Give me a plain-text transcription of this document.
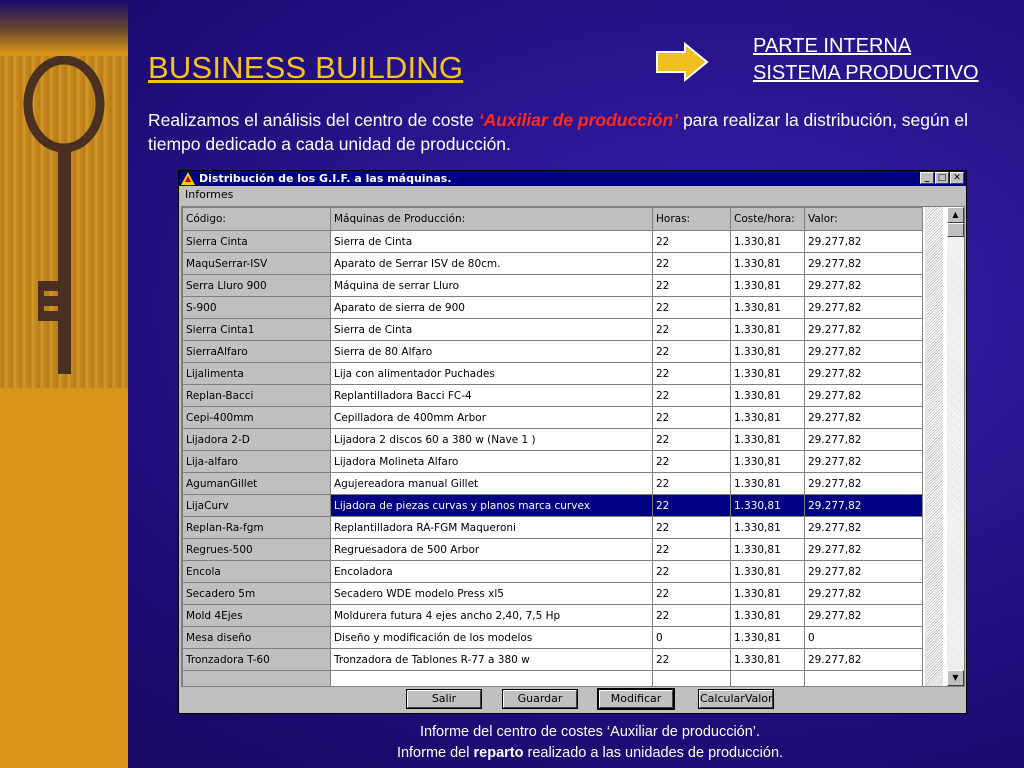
BUSINESS BUILDING
PARTE INTERNA
SISTEMA PRODUCTIVO
Realizamos el análisis del centro de coste ‘Auxiliar de producción’ para realizar la distribución, según el tiempo dedicado a cada unidad de producción.
Distribución de los G.I.F. a las máquinas.	_ □ ✕
Informes
Código:	Máquinas de Producción:	Horas:	Coste/hora:	Valor:
Sierra Cinta	Sierra de Cinta	22	1.330,81	29.277,82
MaquSerrar-ISV	Aparato de Serrar ISV de 80cm.	22	1.330,81	29.277,82
Serra Lluro 900	Máquina de serrar Lluro	22	1.330,81	29.277,82
S-900	Aparato de sierra de 900	22	1.330,81	29.277,82
Sierra Cinta1	Sierra de Cinta	22	1.330,81	29.277,82
SierraAlfaro	Sierra de 80 Alfaro	22	1.330,81	29.277,82
Lijalimenta	Lija con alimentador Puchades	22	1.330,81	29.277,82
Replan-Bacci	Replantilladora Bacci FC-4	22	1.330,81	29.277,82
Cepi-400mm	Cepilladora de 400mm Arbor	22	1.330,81	29.277,82
Lijadora 2-D	Lijadora 2 discos 60 a 380 w (Nave 1 )	22	1.330,81	29.277,82
Lija-alfaro	Lijadora Molineta Alfaro	22	1.330,81	29.277,82
AgumanGillet	Agujereadora manual Gillet	22	1.330,81	29.277,82
LijaCurv	Lijadora de piezas curvas y planos marca curvex	22	1.330,81	29.277,82
Replan-Ra-fgm	Replantilladora RA-FGM Maqueroni	22	1.330,81	29.277,82
Regrues-500	Regruesadora de 500 Arbor	22	1.330,81	29.277,82
Encola	Encoladora	22	1.330,81	29.277,82
Secadero 5m	Secadero WDE modelo Press xl5	22	1.330,81	29.277,82
Mold 4Ejes	Moldurera futura 4 ejes ancho 2,40, 7,5 Hp	22	1.330,81	29.277,82
Mesa diseño	Diseño y modificación de los modelos	0	1.330,81	0
Tronzadora T-60	Tronzadora de Tablones R-77 a 380 w	22	1.330,81	29.277,82

▲
▼
Salir	Guardar	Modificar	CalcularValor
Informe del centro de costes ‘Auxiliar de producción’.
Informe del reparto realizado a las unidades de producción.
